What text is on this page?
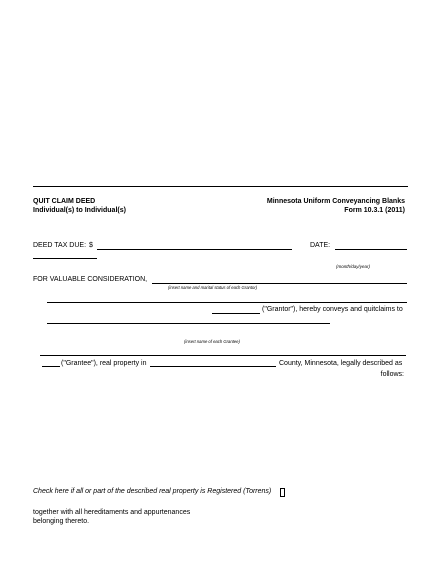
QUIT CLAIM DEED
Individual(s) to Individual(s)
Minnesota Uniform Conveyancing Blanks
Form 10.3.1 (2011)
DEED TAX DUE: $	DATE:
(month/day/year)
FOR VALUABLE CONSIDERATION,
(insert name and marital status of each Grantor)
("Grantor"), hereby conveys and quitclaims to
(insert name of each Grantee)
("Grantee"), real property in	County, Minnesota, legally described as
follows:
Check here if all or part of the described real property is Registered (Torrens)
together with all hereditaments and appurtenances
belonging thereto.
